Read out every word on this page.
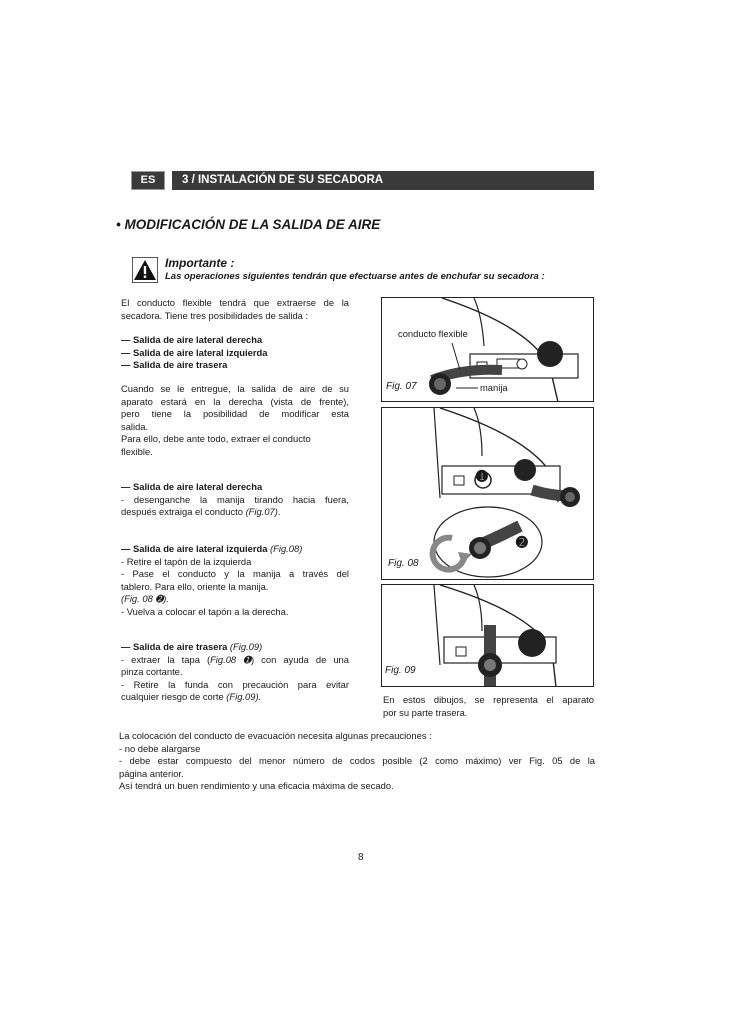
ES	3 / INSTALACIÓN DE SU SECADORA
• MODIFICACIÓN DE LA SALIDA DE AIRE
Importante :
Las operaciones siguientes tendrán que efectuarse antes de enchufar su secadora :
El conducto flexible tendrá que extraerse de la
secadora. Tiene tres posibilidades de salida :
— Salida de aire lateral derecha
— Salida de aire lateral izquierda
— Salida de aire trasera
Cuando se le entregue, la salida de aire de su
aparato estará en la derecha (vista de frente),
pero tiene la posibilidad de modificar esta
salida.
Para ello, debe ante todo, extraer el conducto
flexible.
— Salida de aire lateral derecha
- desenganche la manija tirando hacia fuera,
después extraiga el conducto (Fig.07).
— Salida de aire lateral izquierda (Fig.08)
- Retire el tapón de la izquierda
- Pase el conducto y la manija a través del
tablero. Para ello, oriente la manija.
(Fig. 08 ➋).
- Vuelva a colocar el tapón a la derecha.
— Salida de aire trasera (Fig.09)
- extraer la tapa (Fig.08 ➊) con ayuda de una
pinza cortante.
- Retire la funda con precaución para evitar
cualquier riesgo de corte (Fig.09).
conducto flexible
manija
Fig. 07
➊
➋
Fig. 08
Fig. 09
En estos dibujos, se representa el aparato
por su parte trasera.
La colocación del conducto de evacuación necesita algunas precauciones :
- no debe alargarse
- debe estar compuesto del menor número de codos posible (2 como máximo) ver Fig. 05 de la
página anterior.
Así tendrá un buen rendimiento y una eficacia máxima de secado.
8
